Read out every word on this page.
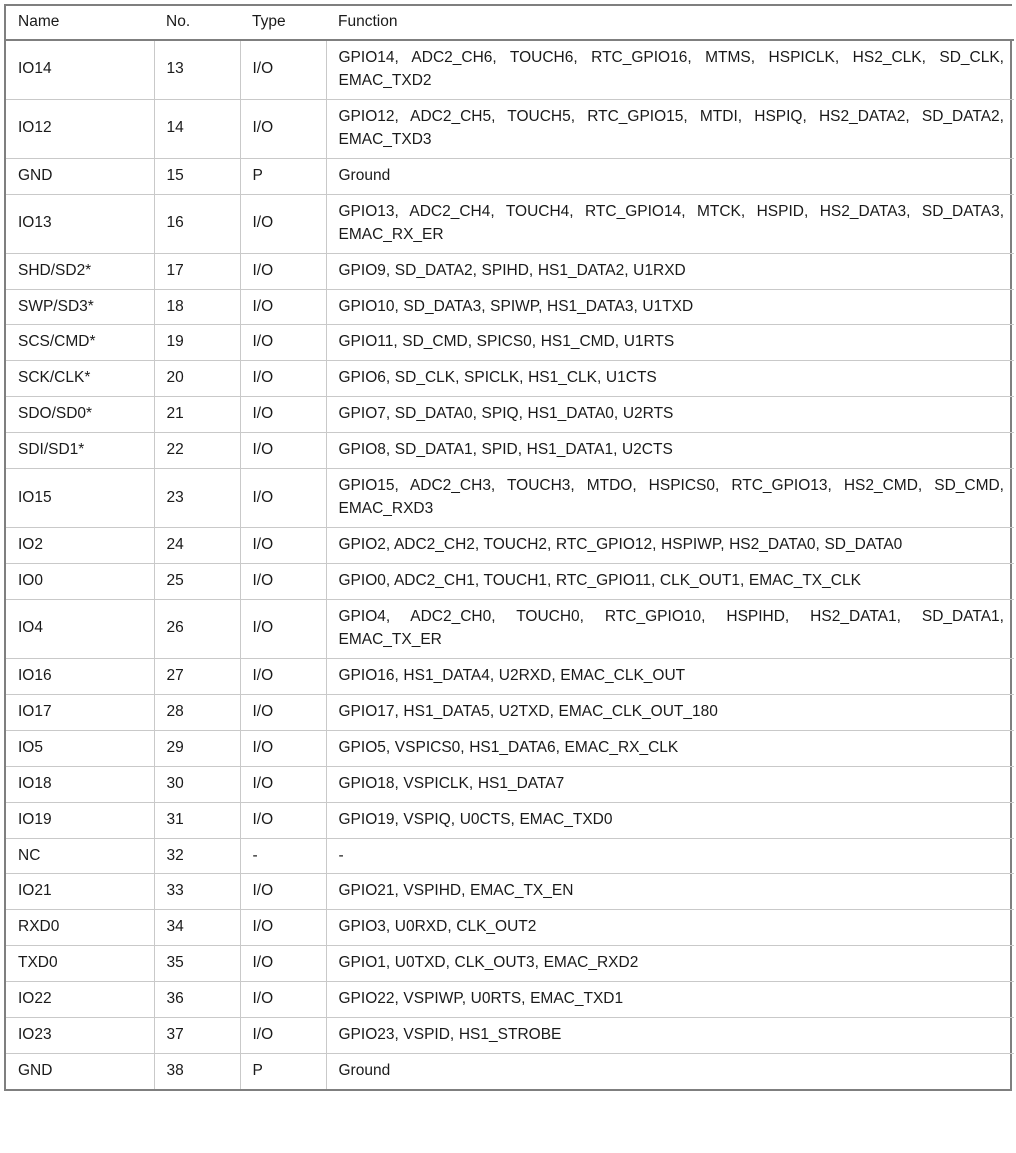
Name	No.	Type	Function
IO14	13	I/O	GPIO14, ADC2_CH6, TOUCH6, RTC_GPIO16, MTMS, HSPICLK, HS2_CLK, SD_CLK, EMAC_TXD2
IO12	14	I/O	GPIO12, ADC2_CH5, TOUCH5, RTC_GPIO15, MTDI, HSPIQ, HS2_DATA2, SD_DATA2, EMAC_TXD3
GND	15	P	Ground
IO13	16	I/O	GPIO13, ADC2_CH4, TOUCH4, RTC_GPIO14, MTCK, HSPID, HS2_DATA3, SD_DATA3, EMAC_RX_ER
SHD/SD2*	17	I/O	GPIO9, SD_DATA2, SPIHD, HS1_DATA2, U1RXD
SWP/SD3*	18	I/O	GPIO10, SD_DATA3, SPIWP, HS1_DATA3, U1TXD
SCS/CMD*	19	I/O	GPIO11, SD_CMD, SPICS0, HS1_CMD, U1RTS
SCK/CLK*	20	I/O	GPIO6, SD_CLK, SPICLK, HS1_CLK, U1CTS
SDO/SD0*	21	I/O	GPIO7, SD_DATA0, SPIQ, HS1_DATA0, U2RTS
SDI/SD1*	22	I/O	GPIO8, SD_DATA1, SPID, HS1_DATA1, U2CTS
IO15	23	I/O	GPIO15, ADC2_CH3, TOUCH3, MTDO, HSPICS0, RTC_GPIO13, HS2_CMD, SD_CMD, EMAC_RXD3
IO2	24	I/O	GPIO2, ADC2_CH2, TOUCH2, RTC_GPIO12, HSPIWP, HS2_DATA0, SD_DATA0
IO0	25	I/O	GPIO0, ADC2_CH1, TOUCH1, RTC_GPIO11, CLK_OUT1, EMAC_TX_CLK
IO4	26	I/O	GPIO4, ADC2_CH0, TOUCH0, RTC_GPIO10, HSPIHD, HS2_DATA1, SD_DATA1, EMAC_TX_ER
IO16	27	I/O	GPIO16, HS1_DATA4, U2RXD, EMAC_CLK_OUT
IO17	28	I/O	GPIO17, HS1_DATA5, U2TXD, EMAC_CLK_OUT_180
IO5	29	I/O	GPIO5, VSPICS0, HS1_DATA6, EMAC_RX_CLK
IO18	30	I/O	GPIO18, VSPICLK, HS1_DATA7
IO19	31	I/O	GPIO19, VSPIQ, U0CTS, EMAC_TXD0
NC	32	-	-
IO21	33	I/O	GPIO21, VSPIHD, EMAC_TX_EN
RXD0	34	I/O	GPIO3, U0RXD, CLK_OUT2
TXD0	35	I/O	GPIO1, U0TXD, CLK_OUT3, EMAC_RXD2
IO22	36	I/O	GPIO22, VSPIWP, U0RTS, EMAC_TXD1
IO23	37	I/O	GPIO23, VSPID, HS1_STROBE
GND	38	P	Ground
